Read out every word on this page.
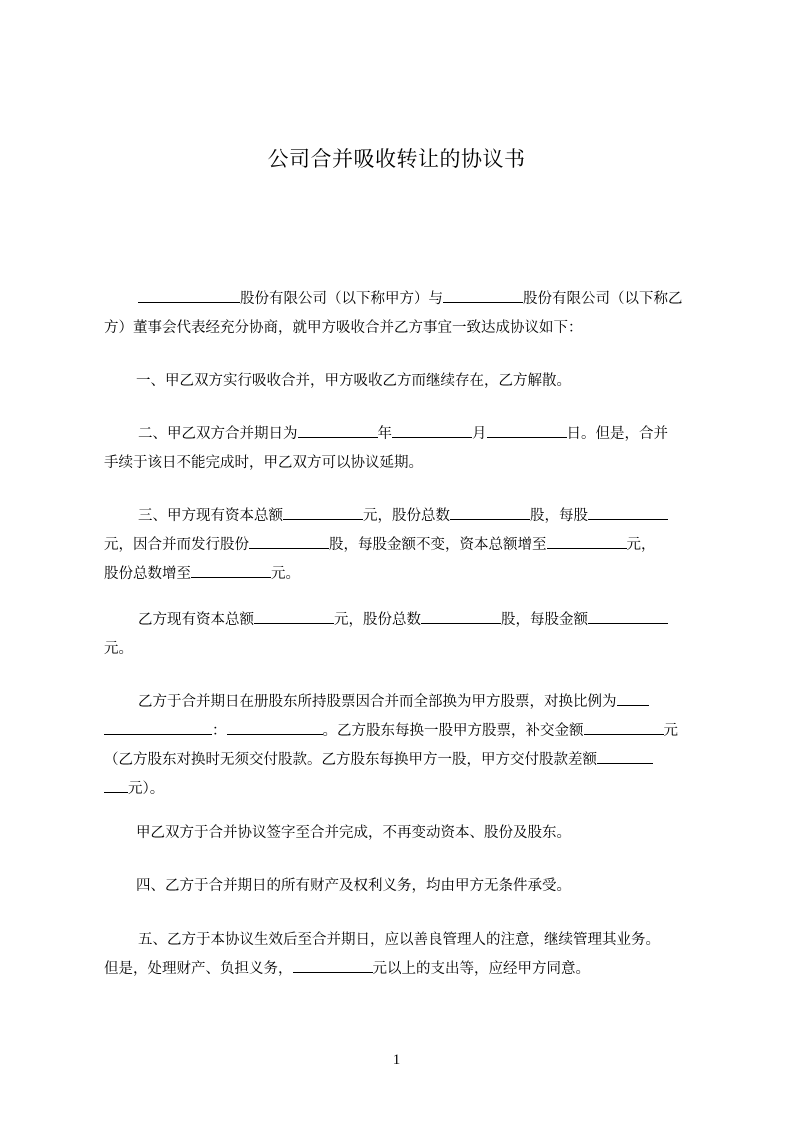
公司合并吸收转让的协议书
股份有限公司（以下称甲方）与	股份有限公司（以下称乙
方）董事会代表经充分协商，就甲方吸收合并乙方事宜一致达成协议如下：
一、甲乙双方实行吸收合并，甲方吸收乙方而继续存在，乙方解散。
二、甲乙双方合并期日为	年	月	日。但是，合并
手续于该日不能完成时，甲乙双方可以协议延期。
三、甲方现有资本总额	元，股份总数	股，每股
元，因合并而发行股份	股，每股金额不变，资本总额增至	元，
股份总数增至	元。
乙方现有资本总额	元，股份总数	股，每股金额
元。
乙方于合并期日在册股东所持股票因合并而全部换为甲方股票，对换比例为
：	。乙方股东每换一股甲方股票，补交金额	元
（乙方股东对换时无须交付股款。乙方股东每换甲方一股，甲方交付股款差额
元）。
甲乙双方于合并协议签字至合并完成，不再变动资本、股份及股东。
四、乙方于合并期日的所有财产及权利义务，均由甲方无条件承受。
五、乙方于本协议生效后至合并期日，应以善良管理人的注意，继续管理其业务。
但是，处理财产、负担义务，	元以上的支出等，应经甲方同意。
1
